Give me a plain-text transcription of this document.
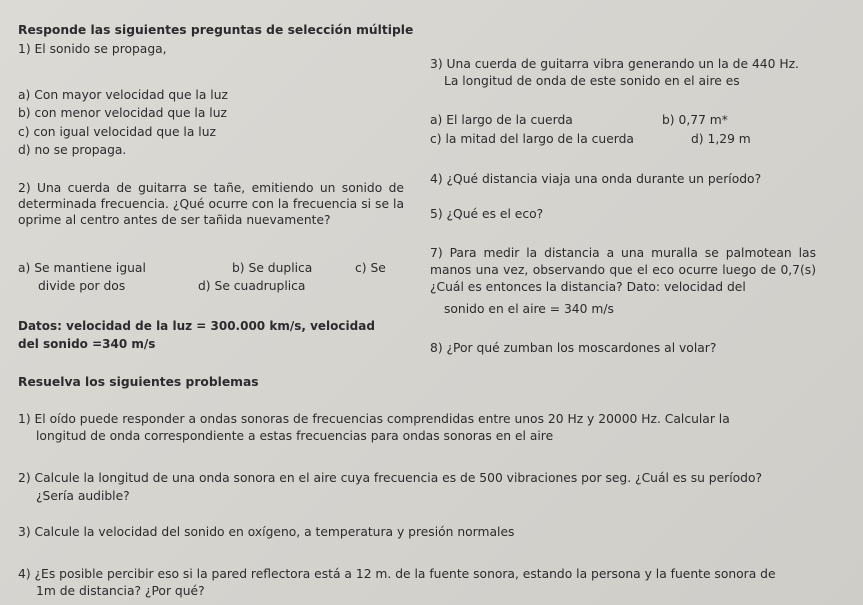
Responde las siguientes preguntas de selección múltiple
1) El sonido se propaga,
a) Con mayor velocidad que la luz
b) con menor velocidad que la luz
c) con igual velocidad que la luz
d) no se propaga.
2) Una cuerda de guitarra se tañe, emitiendo un sonido de determinada frecuencia. ¿Qué ocurre con la frecuencia si se la oprime al centro antes de ser tañida nuevamente?
a) Se mantiene igual	b) Se duplica	c) Se
divide por dos	d) Se cuadruplica
Datos: velocidad de la luz = 300.000 km/s, velocidad del sonido =340 m/s
3) Una cuerda de guitarra vibra generando un la de 440 Hz.
La longitud de onda de este sonido en el aire es
a) El largo de la cuerda	b) 0,77 m*
c) la mitad del largo de la cuerda	d) 1,29 m
4) ¿Qué distancia viaja una onda durante un período?
5) ¿Qué es el eco?
7) Para medir la distancia a una muralla se palmotean las manos una vez, observando que el eco ocurre luego de 0,7(s) ¿Cuál es entonces la distancia? Dato: velocidad del
sonido en el aire = 340 m/s
8) ¿Por qué zumban los moscardones al volar?
Resuelva los siguientes problemas
1) El oído puede responder a ondas sonoras de frecuencias comprendidas entre unos 20 Hz y 20000 Hz. Calcular la
longitud de onda correspondiente a estas frecuencias para ondas sonoras en el aire
2) Calcule la longitud de una onda sonora en el aire cuya frecuencia es de 500 vibraciones por seg. ¿Cuál es su período?
¿Sería audible?
3) Calcule la velocidad del sonido en oxígeno, a temperatura y presión normales
4) ¿Es posible percibir eso si la pared reflectora está a 12 m. de la fuente sonora, estando la persona y la fuente sonora de
1m de distancia? ¿Por qué?
